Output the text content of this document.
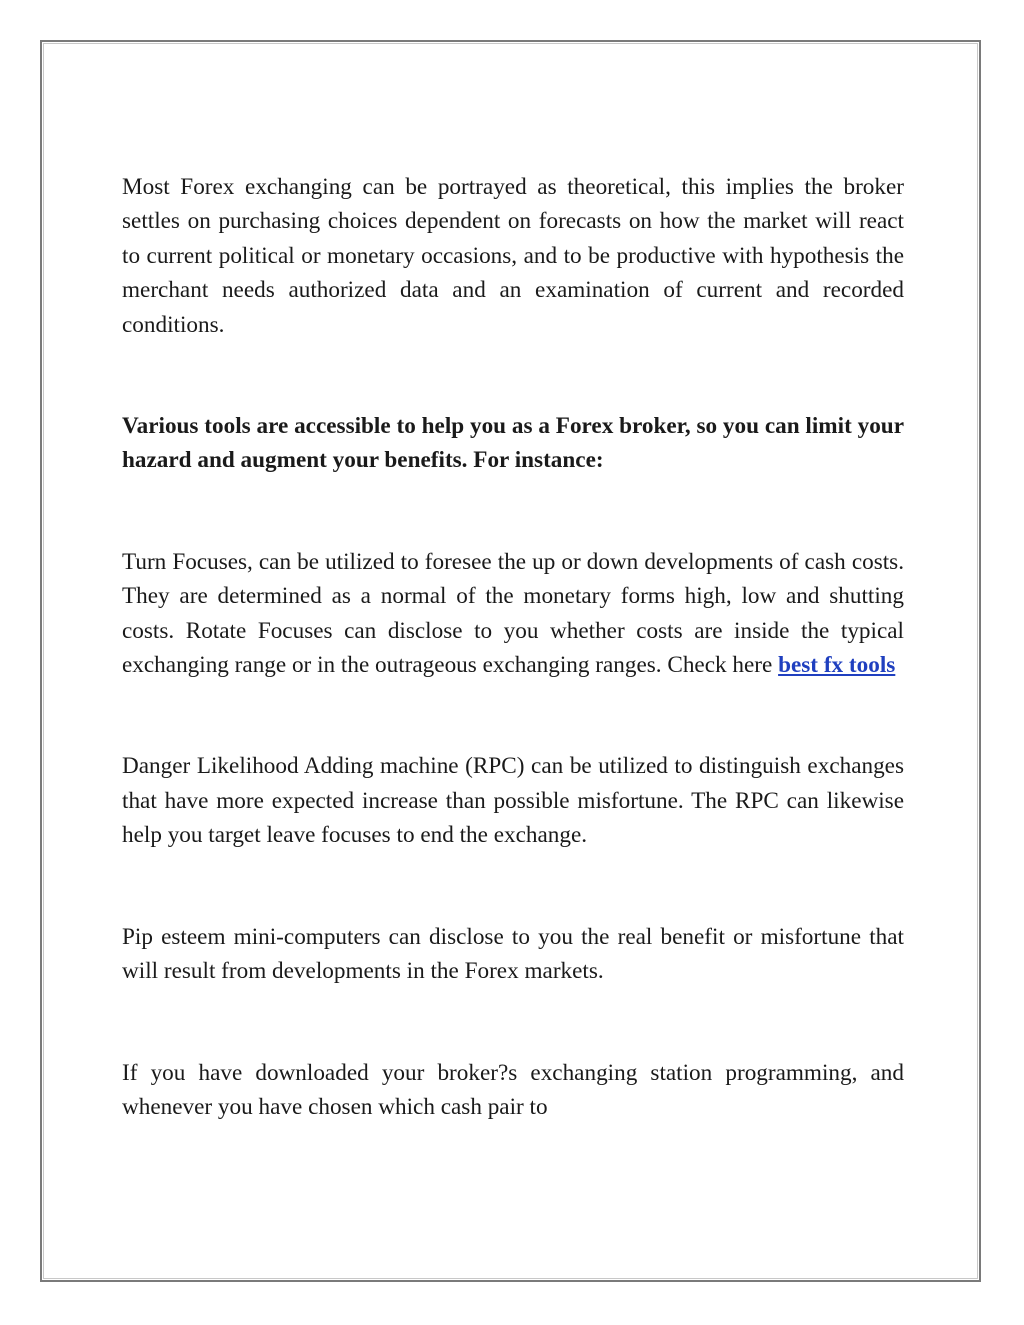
Most Forex exchanging can be portrayed as theoretical, this implies the broker settles on purchasing choices dependent on forecasts on how the market will react to current political or monetary occasions, and to be productive with hypothesis the merchant needs authorized data and an examination of current and recorded conditions.

Various tools are accessible to help you as a Forex broker, so you can limit your hazard and augment your benefits. For instance:

Turn Focuses, can be utilized to foresee the up or down developments of cash costs. They are determined as a normal of the monetary forms high, low and shutting costs. Rotate Focuses can disclose to you whether costs are inside the typical exchanging range or in the outrageous exchanging ranges. Check here best fx tools

Danger Likelihood Adding machine (RPC) can be utilized to distinguish exchanges that have more expected increase than possible misfortune. The RPC can likewise help you target leave focuses to end the exchange.

Pip esteem mini-computers can disclose to you the real benefit or misfortune that will result from developments in the Forex markets.

If you have downloaded your broker?s exchanging station programming, and whenever you have chosen which cash pair to
